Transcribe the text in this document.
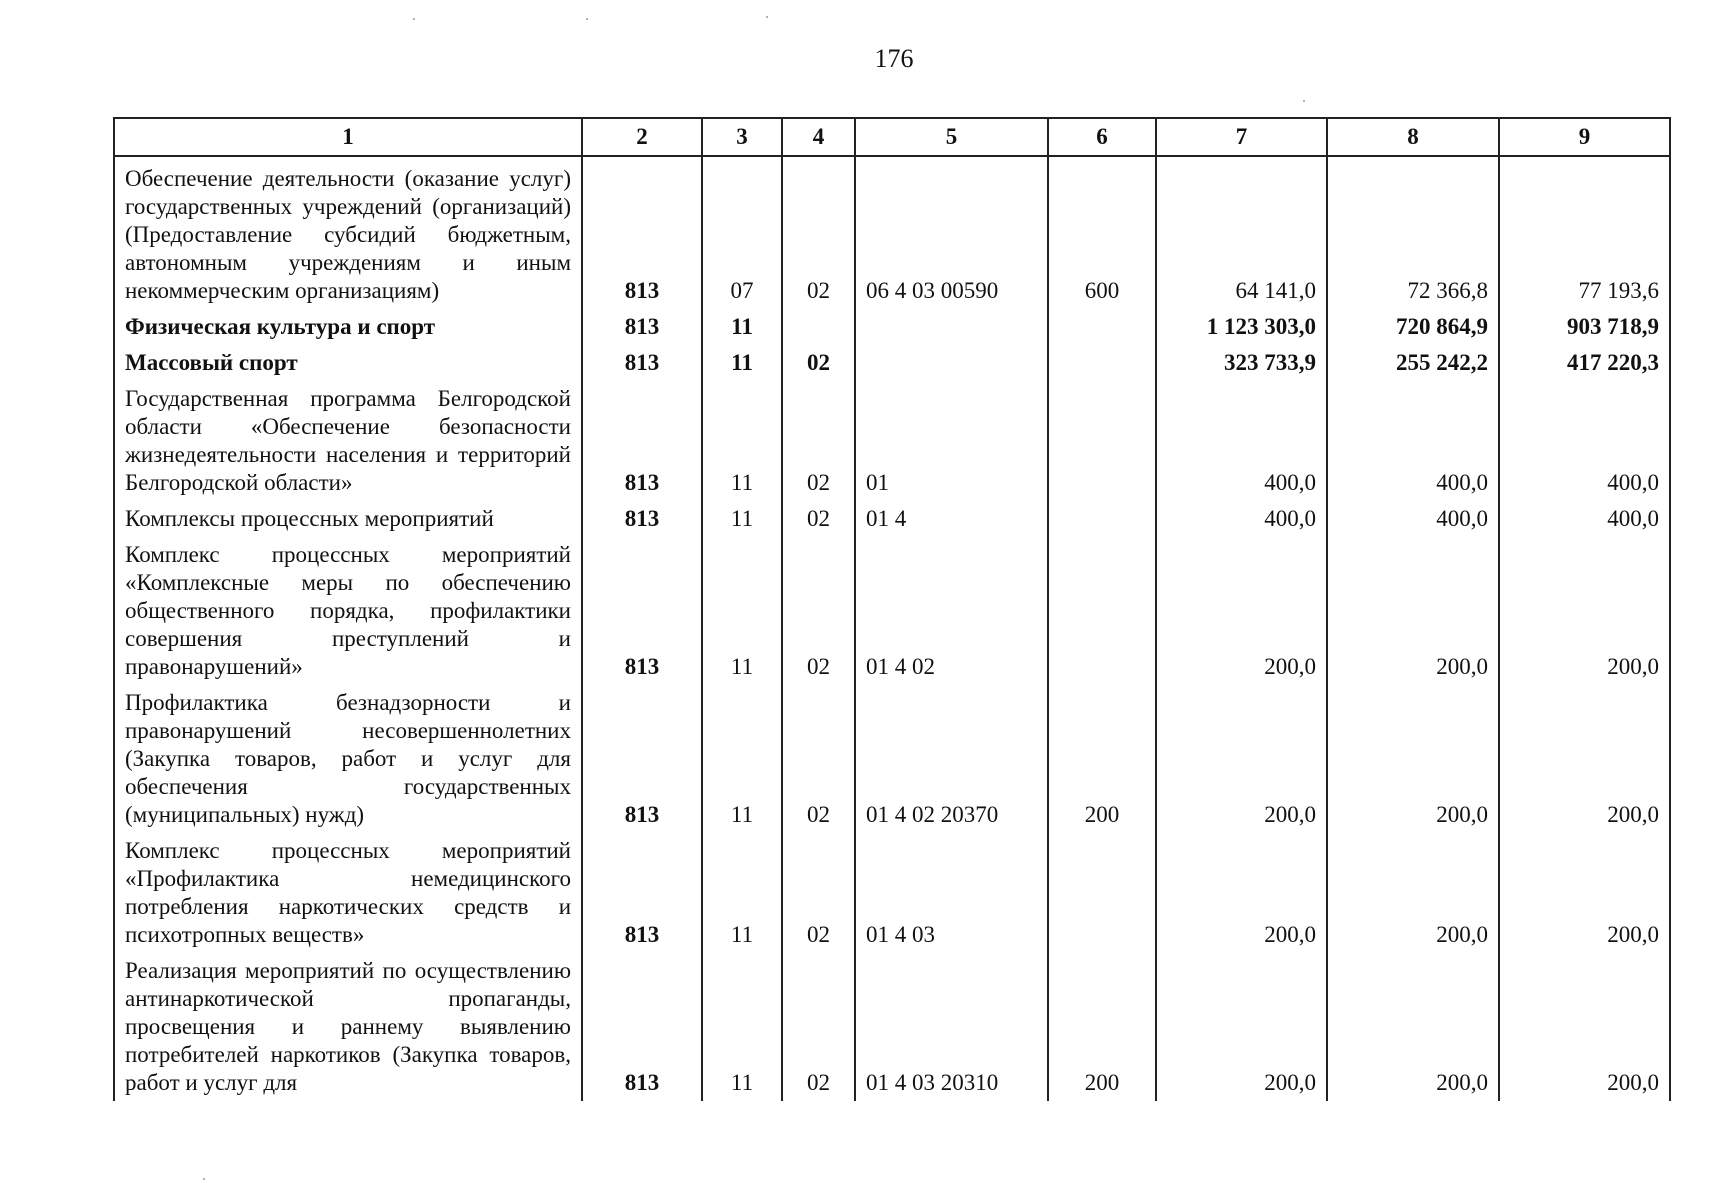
176
1	2	3	4	5	6	7	8	9
Обеспечение деятельности (оказание услуг) государственных учреждений (организаций) (Предоставление субсидий бюджетным, автономным учреждениям и иным некоммерческим организациям)	813	07	02	06 4 03 00590	600	64 141,0	72 366,8	77 193,6
Физическая культура и спорт	813	11				1 123 303,0	720 864,9	903 718,9
Массовый спорт	813	11	02			323 733,9	255 242,2	417 220,3
Государственная программа Белгородской области «Обеспечение безопасности жизнедеятельности населения и территорий Белгородской области»	813	11	02	01		400,0	400,0	400,0
Комплексы процессных мероприятий	813	11	02	01 4		400,0	400,0	400,0
Комплекс процессных мероприятий «Комплексные меры по обеспечению общественного порядка, профилактики совершения преступлений и правонарушений»	813	11	02	01 4 02		200,0	200,0	200,0
Профилактика безнадзорности и правонарушений несовершеннолетних (Закупка товаров, работ и услуг для обеспечения государственных (муниципальных) нужд)	813	11	02	01 4 02 20370	200	200,0	200,0	200,0
Комплекс процессных мероприятий «Профилактика немедицинского потребления наркотических средств и психотропных веществ»	813	11	02	01 4 03		200,0	200,0	200,0
Реализация мероприятий по осуществлению антинаркотической пропаганды, просвещения и раннему выявлению потребителей наркотиков (Закупка товаров, работ и услуг для	813	11	02	01 4 03 20310	200	200,0	200,0	200,0
